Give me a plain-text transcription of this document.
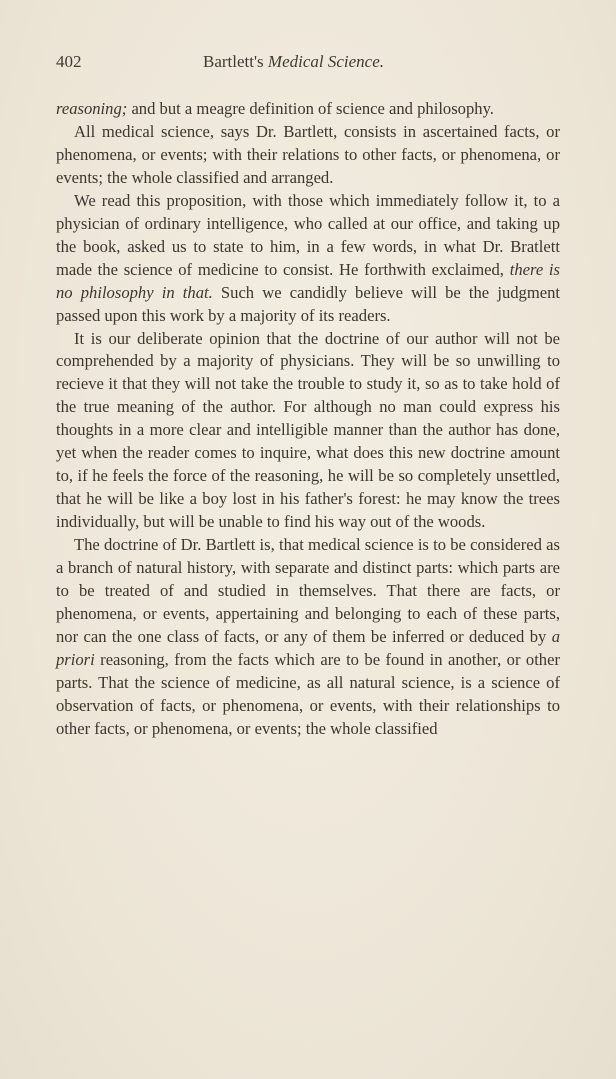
402	Bartlett's Medical Science.

reasoning; and but a meagre definition of science and philosophy.

All medical science, says Dr. Bartlett, consists in ascertained facts, or phenomena, or events; with their relations to other facts, or phenomena, or events; the whole classified and arranged.

We read this proposition, with those which immediately follow it, to a physician of ordinary intelligence, who called at our office, and taking up the book, asked us to state to him, in a few words, in what Dr. Bratlett made the science of medicine to consist. He forthwith exclaimed, there is no philosophy in that. Such we candidly believe will be the judgment passed upon this work by a majority of its readers.

It is our deliberate opinion that the doctrine of our author will not be comprehended by a majority of physicians. They will be so unwilling to recieve it that they will not take the trouble to study it, so as to take hold of the true meaning of the author. For although no man could express his thoughts in a more clear and intelligible manner than the author has done, yet when the reader comes to inquire, what does this new doctrine amount to, if he feels the force of the reasoning, he will be so completely unsettled, that he will be like a boy lost in his father's forest: he may know the trees individually, but will be unable to find his way out of the woods.

The doctrine of Dr. Bartlett is, that medical science is to be considered as a branch of natural history, with separate and distinct parts: which parts are to be treated of and studied in themselves. That there are facts, or phenomena, or events, appertaining and belonging to each of these parts, nor can the one class of facts, or any of them be inferred or deduced by a priori reasoning, from the facts which are to be found in another, or other parts. That the science of medicine, as all natural science, is a science of observation of facts, or phenomena, or events, with their relationships to other facts, or phenomena, or events; the whole classified
